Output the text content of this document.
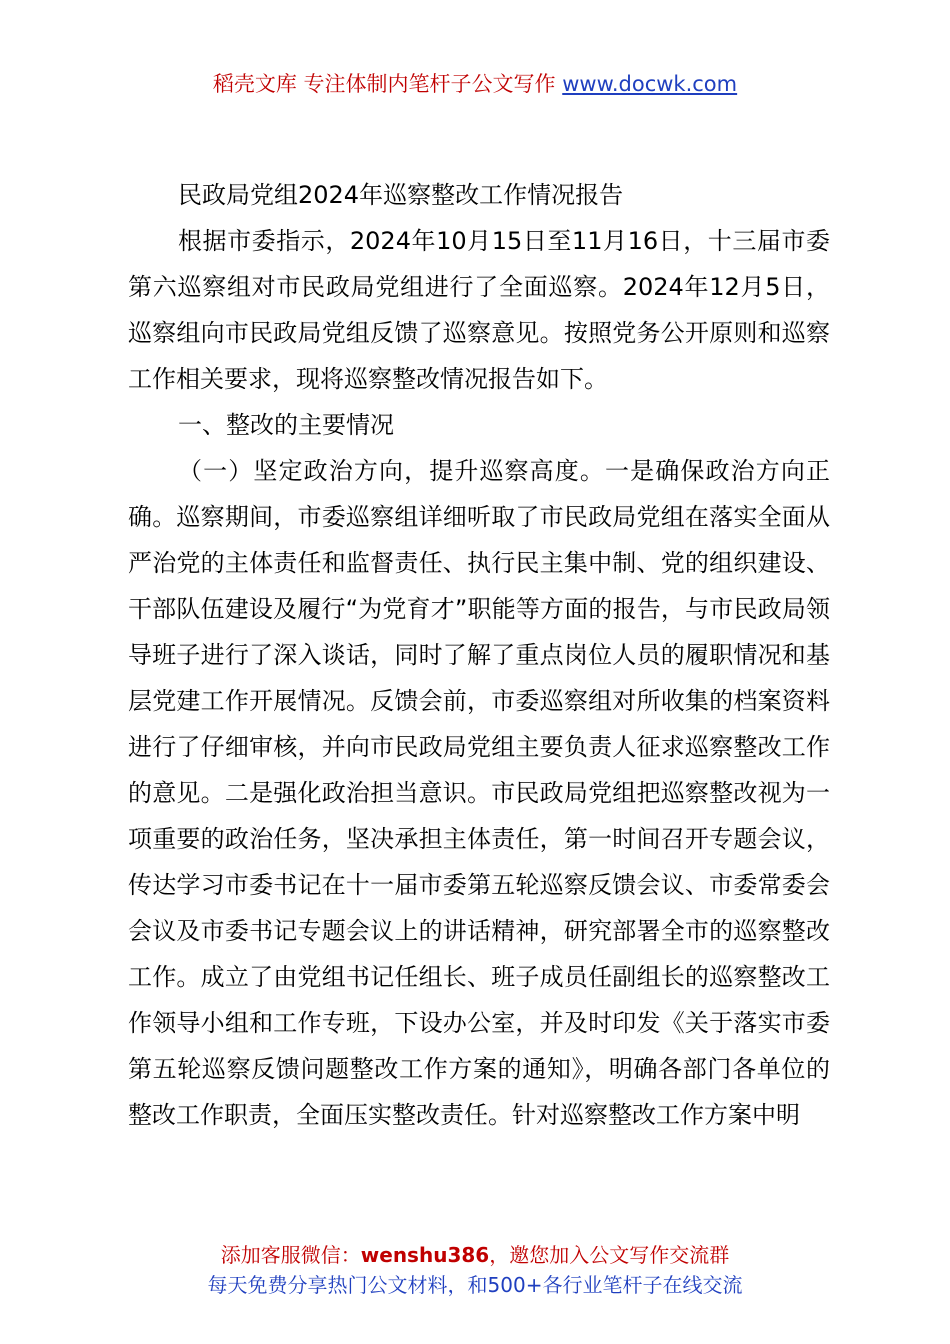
稻壳文库 专注体制内笔杆子公文写作 www.docwk.com

民政局党组2024年巡察整改工作情况报告

根据市委指示，2024年10月15日至11月16日，十三届市委第六巡察组对市民政局党组进行了全面巡察。2024年12月5日，巡察组向市民政局党组反馈了巡察意见。按照党务公开原则和巡察工作相关要求，现将巡察整改情况报告如下。

一、整改的主要情况

（一）坚定政治方向，提升巡察高度。一是确保政治方向正确。巡察期间，市委巡察组详细听取了市民政局党组在落实全面从严治党的主体责任和监督责任、执行民主集中制、党的组织建设、干部队伍建设及履行“为党育才”职能等方面的报告，与市民政局领导班子进行了深入谈话，同时了解了重点岗位人员的履职情况和基层党建工作开展情况。反馈会前，市委巡察组对所收集的档案资料进行了仔细审核，并向市民政局党组主要负责人征求巡察整改工作的意见。二是强化政治担当意识。市民政局党组把巡察整改视为一项重要的政治任务，坚决承担主体责任，第一时间召开专题会议，传达学习市委书记在十一届市委第五轮巡察反馈会议、市委常委会会议及市委书记专题会议上的讲话精神，研究部署全市的巡察整改工作。成立了由党组书记任组长、班子成员任副组长的巡察整改工作领导小组和工作专班，下设办公室，并及时印发《关于落实市委第五轮巡察反馈问题整改工作方案的通知》，明确各部门各单位的整改工作职责，全面压实整改责任。针对巡察整改工作方案中明

添加客服微信：wenshu386，邀您加入公文写作交流群
每天免费分享热门公文材料，和500+各行业笔杆子在线交流
